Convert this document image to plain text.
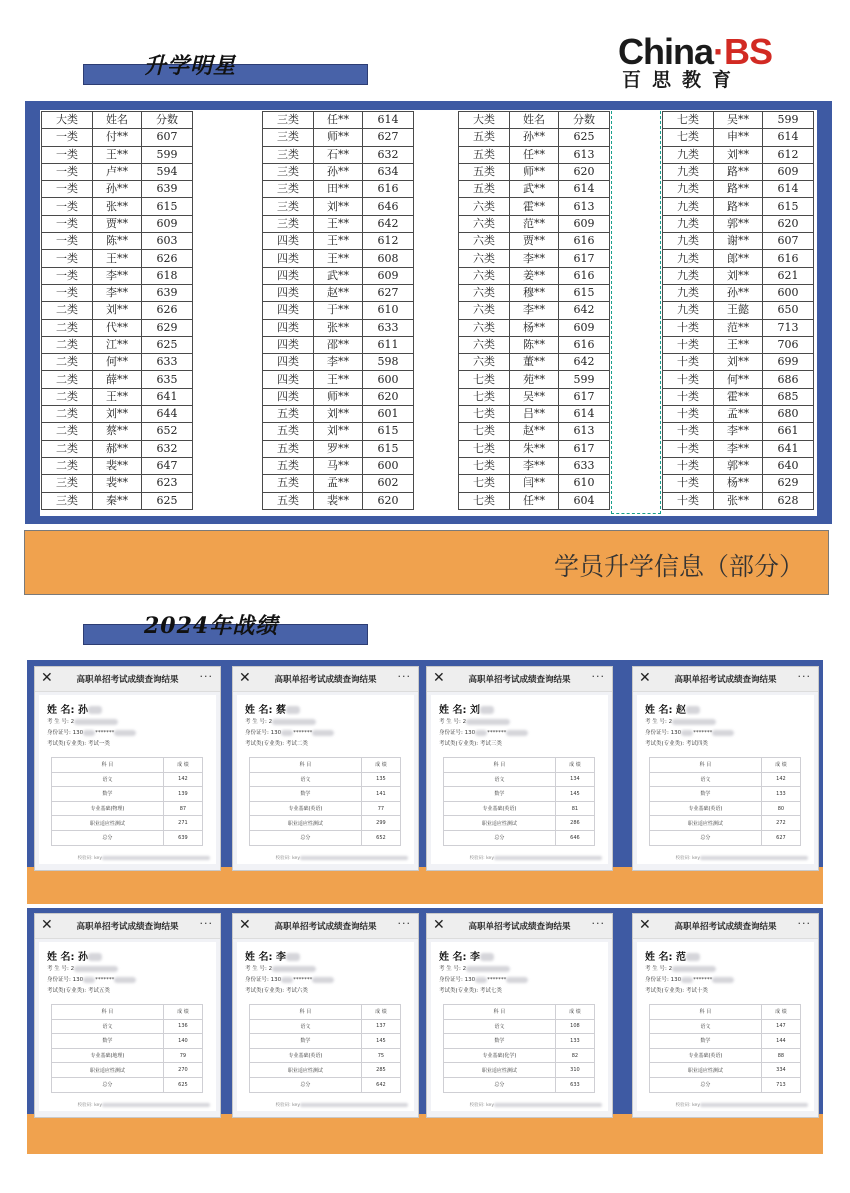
升学明星	China·BS
百思教育
大类	姓名	分数
一类	付**	607
一类	王**	599
一类	卢**	594
一类	孙**	639
一类	张**	615
一类	贾**	609
一类	陈**	603
一类	王**	626
一类	李**	618
一类	李**	639
二类	刘**	626
二类	代**	629
二类	江**	625
二类	何**	633
二类	薛**	635
二类	王**	641
二类	刘**	644
二类	蔡**	652
二类	郝**	632
二类	裴**	647
三类	裴**	623
三类	秦**	625
三类	任**	614
三类	师**	627
三类	石**	632
三类	孙**	634
三类	田**	616
三类	刘**	646
三类	王**	642
四类	王**	612
四类	王**	608
四类	武**	609
四类	赵**	627
四类	于**	610
四类	张**	633
四类	邵**	611
四类	李**	598
四类	王**	600
四类	师**	620
五类	刘**	601
五类	刘**	615
五类	罗**	615
五类	马**	600
五类	孟**	602
五类	裴**	620
大类	姓名	分数
五类	孙**	625
五类	任**	613
五类	师**	620
五类	武**	614
六类	霍**	613
六类	范**	609
六类	贾**	616
六类	李**	617
六类	姜**	616
六类	穆**	615
六类	李**	642
六类	杨**	609
六类	陈**	616
六类	董**	642
七类	苑**	599
七类	吴**	617
七类	吕**	614
七类	赵**	613
七类	朱**	617
七类	李**	633
七类	闫**	610
七类	任**	604
七类	吴**	599
七类	申**	614
九类	刘**	612
九类	路**	609
九类	路**	614
九类	路**	615
九类	郭**	620
九类	谢**	607
九类	郎**	616
九类	刘**	621
九类	孙**	600
九类	王懿	650
十类	范**	713
十类	王**	706
十类	刘**	699
十类	何**	686
十类	霍**	685
十类	孟**	680
十类	李**	661
十类	李**	641
十类	郭**	640
十类	杨**	629
十类	张**	628
学员升学信息（部分）
2024年战绩
✕	高职单招考试成绩查询结果	···
姓 名: 孙
考 生 号: 2
身份证号: 130 *******
考试类(专业类): 考试一类
科 目	成 绩
语文	142
数学	139
专业基础(物理)	87
职业适应性测试	271
总分	639
校验码: key
✕	高职单招考试成绩查询结果	···
姓 名: 蔡
考 生 号: 2
身份证号: 130 *******
考试类(专业类): 考试二类
科 目	成 绩
语文	135
数学	141
专业基础(英语)	77
职业适应性测试	299
总分	652
校验码: key
✕	高职单招考试成绩查询结果	···
姓 名: 刘
考 生 号: 2
身份证号: 130 *******
考试类(专业类): 考试三类
科 目	成 绩
语文	134
数学	145
专业基础(英语)	81
职业适应性测试	286
总分	646
校验码: key
✕	高职单招考试成绩查询结果	···
姓 名: 赵
考 生 号: 2
身份证号: 130 *******
考试类(专业类): 考试四类
科 目	成 绩
语文	142
数学	133
专业基础(英语)	80
职业适应性测试	272
总分	627
校验码: key
✕	高职单招考试成绩查询结果	···
姓 名: 孙
考 生 号: 2
身份证号: 130 *******
考试类(专业类): 考试五类
科 目	成 绩
语文	136
数学	140
专业基础(地理)	79
职业适应性测试	270
总分	625
校验码: key
✕	高职单招考试成绩查询结果	···
姓 名: 李
考 生 号: 2
身份证号: 130 *******
考试类(专业类): 考试六类
科 目	成 绩
语文	137
数学	145
专业基础(英语)	75
职业适应性测试	285
总分	642
校验码: key
✕	高职单招考试成绩查询结果	···
姓 名: 李
考 生 号: 2
身份证号: 130 *******
考试类(专业类): 考试七类
科 目	成 绩
语文	108
数学	133
专业基础(化学)	82
职业适应性测试	310
总分	633
校验码: key
✕	高职单招考试成绩查询结果	···
姓 名: 范
考 生 号: 2
身份证号: 130 *******
考试类(专业类): 考试十类
科 目	成 绩
语文	147
数学	144
专业基础(英语)	88
职业适应性测试	334
总分	713
校验码: key
